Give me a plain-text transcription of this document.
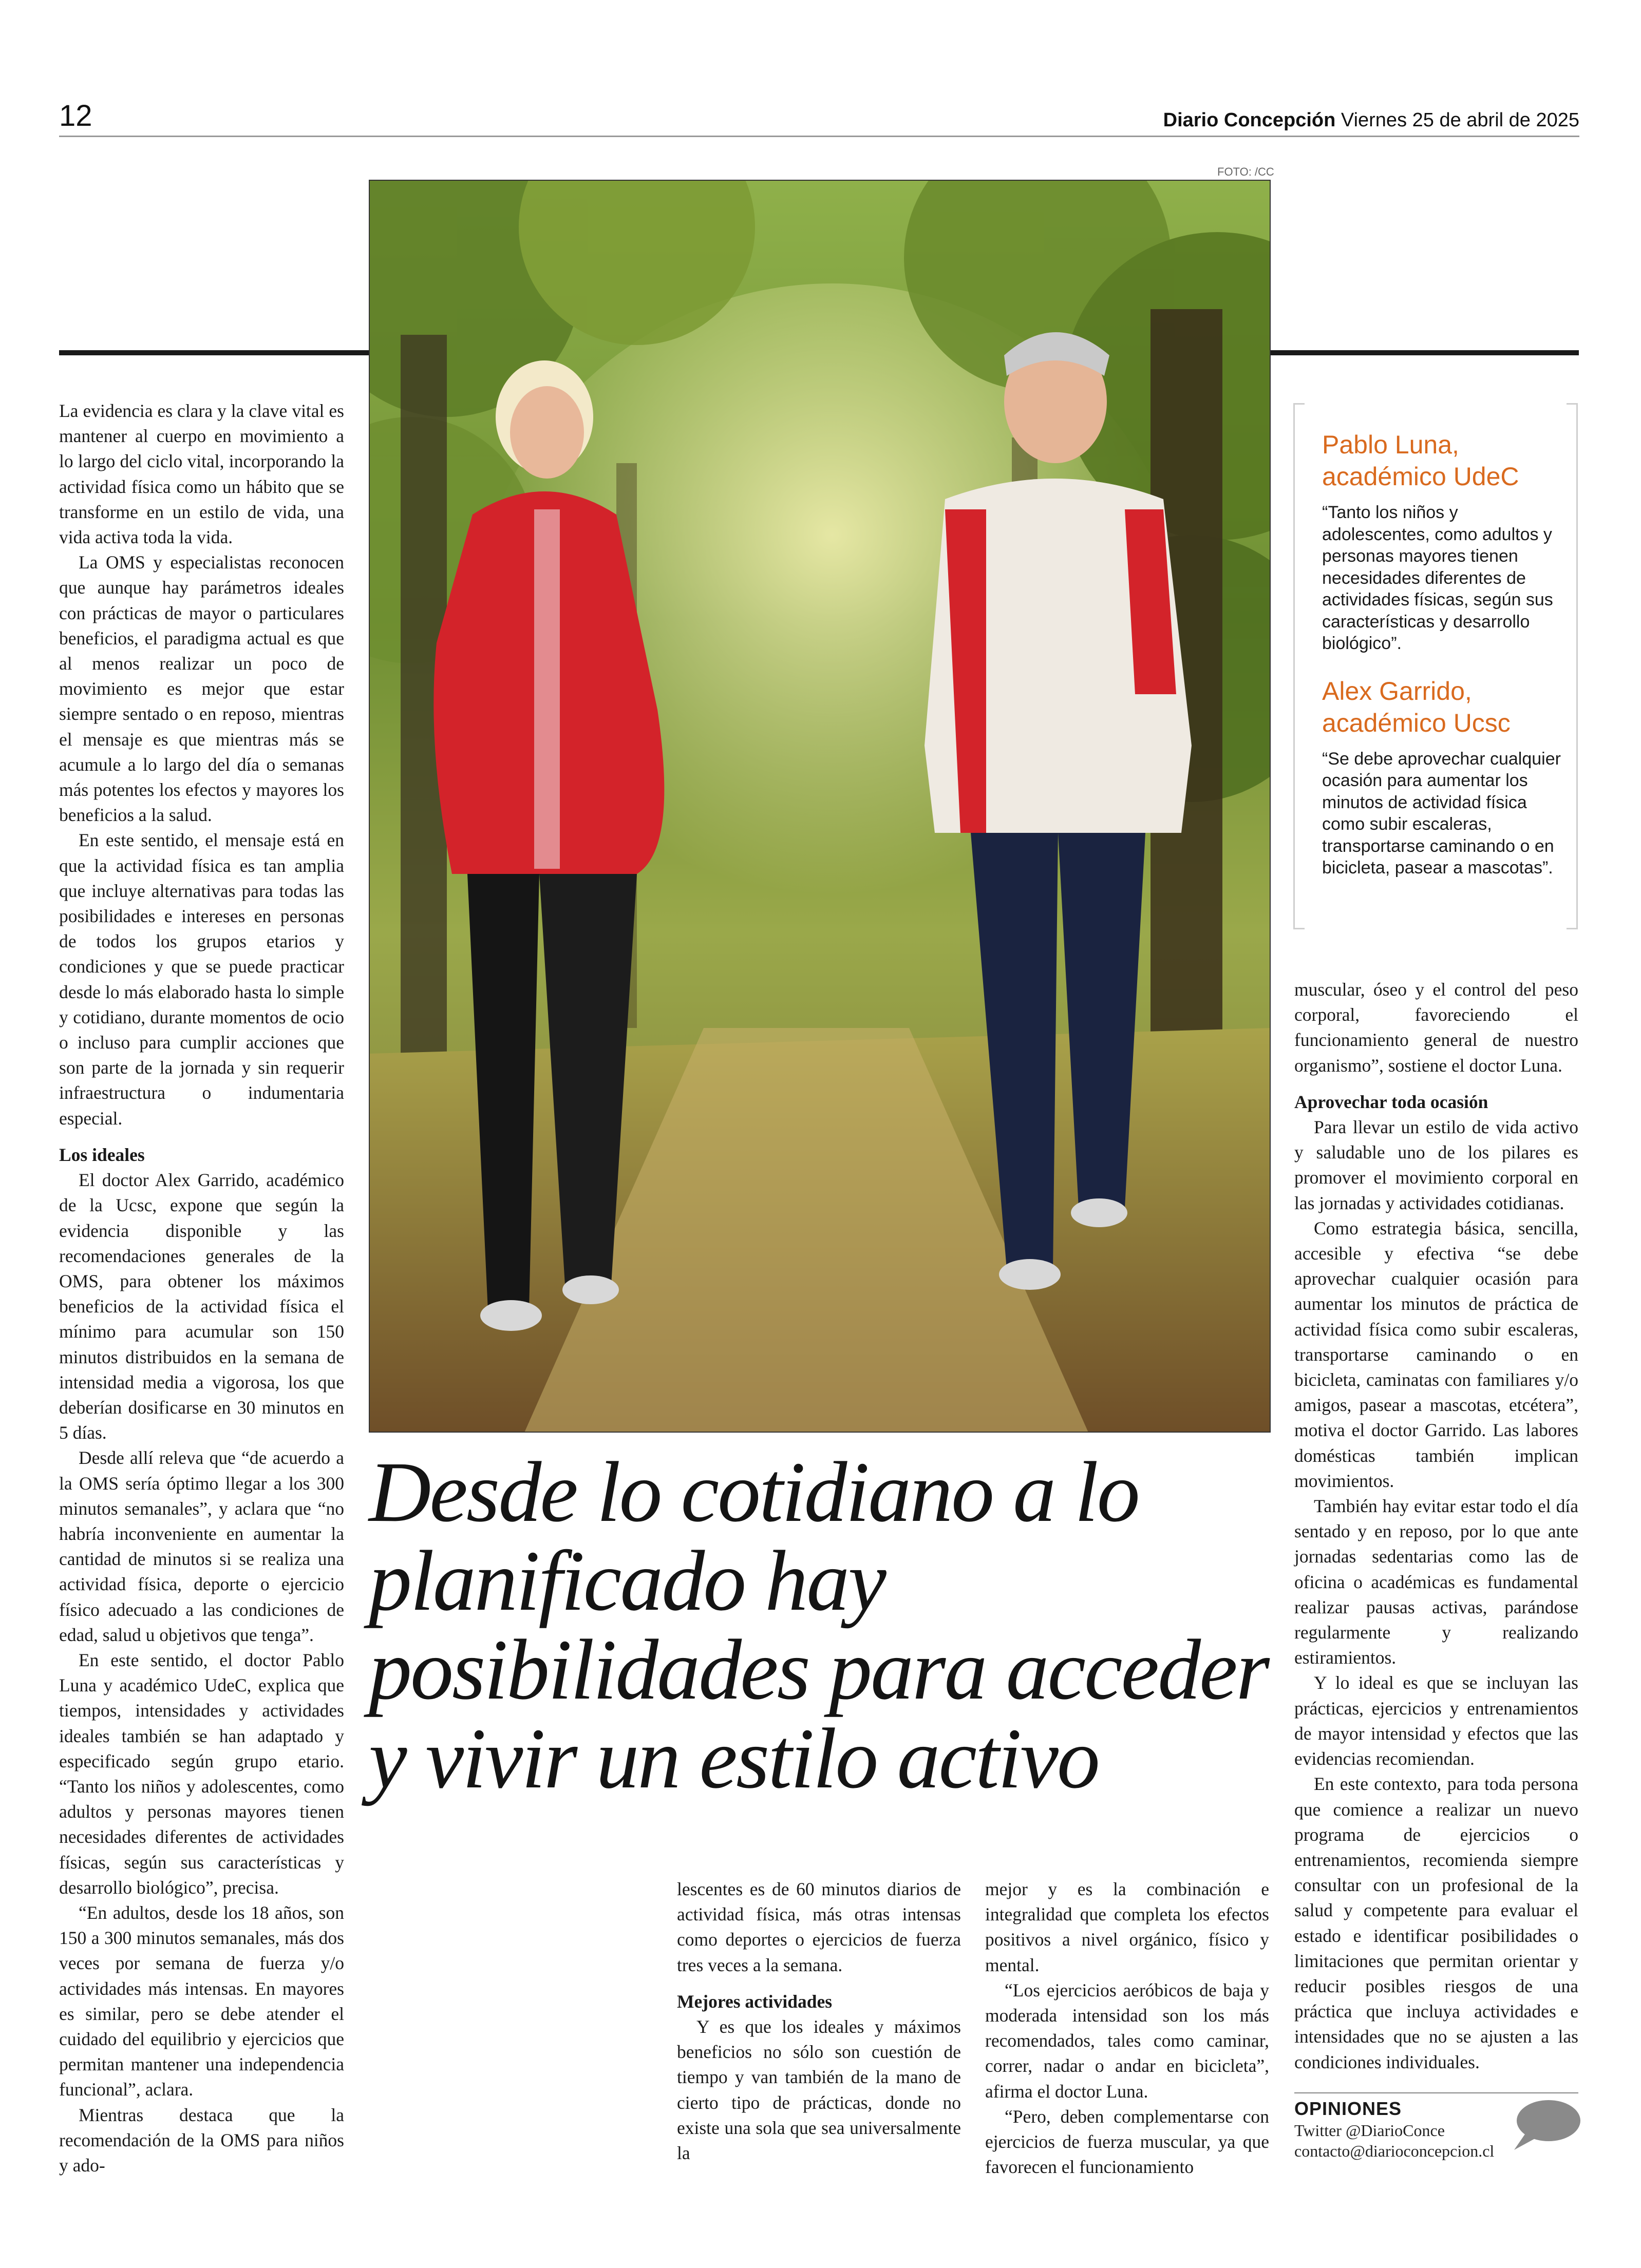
12	Diario Concepción Viernes 25 de abril de 2025
FOTO: /CC
Pablo Luna, académico UdeC

“Tanto los niños y adolescentes, como adultos y personas mayores tienen necesidades diferentes de actividades físicas, según sus características y desarrollo biológico”.

Alex Garrido, académico Ucsc

“Se debe aprovechar cualquier ocasión para aumentar los minutos de actividad física como subir escaleras, transportarse caminando o en bicicleta, pasear a mascotas”.

La evidencia es clara y la clave vital es mantener al cuerpo en movimiento a lo largo del ciclo vital, incorporando la actividad física como un hábito que se transforme en un estilo de vida, una vida activa toda la vida.

La OMS y especialistas reconocen que aunque hay parámetros ideales con prácticas de mayor o particulares beneficios, el paradigma actual es que al menos realizar un poco de movimiento es mejor que estar siempre sentado o en reposo, mientras el mensaje es que mientras más se acumule a lo largo del día o semanas más potentes los efectos y mayores los beneficios a la salud.

En este sentido, el mensaje está en que la actividad física es tan amplia que incluye alternativas para todas las posibilidades e intereses en personas de todos los grupos etarios y condiciones y que se puede practicar desde lo más elaborado hasta lo simple y cotidiano, durante momentos de ocio o incluso para cumplir acciones que son parte de la jornada y sin requerir infraestructura o indumentaria especial.

Los ideales

El doctor Alex Garrido, académico de la Ucsc, expone que según la evidencia disponible y las recomendaciones generales de la OMS, para obtener los máximos beneficios de la actividad física el mínimo para acumular son 150 minutos distribuidos en la semana de intensidad media a vigorosa, los que deberían dosificarse en 30 minutos en 5 días.

Desde allí releva que “de acuerdo a la OMS sería óptimo llegar a los 300 minutos semanales”, y aclara que “no habría inconveniente en aumentar la cantidad de minutos si se realiza una actividad física, deporte o ejercicio físico adecuado a las condiciones de edad, salud u objetivos que tenga”.

En este sentido, el doctor Pablo Luna y académico UdeC, explica que tiempos, intensidades y actividades ideales también se han adaptado y especificado según grupo etario. “Tanto los niños y adolescentes, como adultos y personas mayores tienen necesidades diferentes de actividades físicas, según sus características y desarrollo biológico”, precisa.

“En adultos, desde los 18 años, son 150 a 300 minutos semanales, más dos veces por semana de fuerza y/o actividades más intensas. En mayores es similar, pero se debe atender el cuidado del equilibrio y ejercicios que permitan mantener una independencia funcional”, aclara.

Mientras destaca que la recomendación de la OMS para niños y ado-

Desde lo cotidiano a lo planificado hay posibilidades para acceder y vivir un estilo activo

lescentes es de 60 minutos diarios de actividad física, más otras intensas como deportes o ejercicios de fuerza tres veces a la semana.

Mejores actividades

Y es que los ideales y máximos beneficios no sólo son cuestión de tiempo y van también de la mano de cierto tipo de prácticas, donde no existe una sola que sea universalmente la

mejor y es la combinación e integralidad que completa los efectos positivos a nivel orgánico, físico y mental.

“Los ejercicios aeróbicos de baja y moderada intensidad son los más recomendados, tales como caminar, correr, nadar o andar en bicicleta”, afirma el doctor Luna.

“Pero, deben complementarse con ejercicios de fuerza muscular, ya que favorecen el funcionamiento

muscular, óseo y el control del peso corporal, favoreciendo el funcionamiento general de nuestro organismo”, sostiene el doctor Luna.

Aprovechar toda ocasión

Para llevar un estilo de vida activo y saludable uno de los pilares es promover el movimiento corporal en las jornadas y actividades cotidianas.

Como estrategia básica, sencilla, accesible y efectiva “se debe aprovechar cualquier ocasión para aumentar los minutos de práctica de actividad física como subir escaleras, transportarse caminando o en bicicleta, caminatas con familiares y/o amigos, pasear a mascotas, etcétera”, motiva el doctor Garrido. Las labores domésticas también implican movimientos.

También hay evitar estar todo el día sentado y en reposo, por lo que ante jornadas sedentarias como las de oficina o académicas es fundamental realizar pausas activas, parándose regularmente y realizando estiramientos.

Y lo ideal es que se incluyan las prácticas, ejercicios y entrenamientos de mayor intensidad y efectos que las evidencias recomiendan.

En este contexto, para toda persona que comience a realizar un nuevo programa de ejercicios o entrenamientos, recomienda siempre consultar con un profesional de la salud y competente para evaluar el estado e identificar posibilidades o limitaciones que permitan orientar y reducir posibles riesgos de una práctica que incluya actividades e intensidades que no se ajusten a las condiciones individuales.

OPINIONES
Twitter @DiarioConce
contacto@diarioconcepcion.cl
